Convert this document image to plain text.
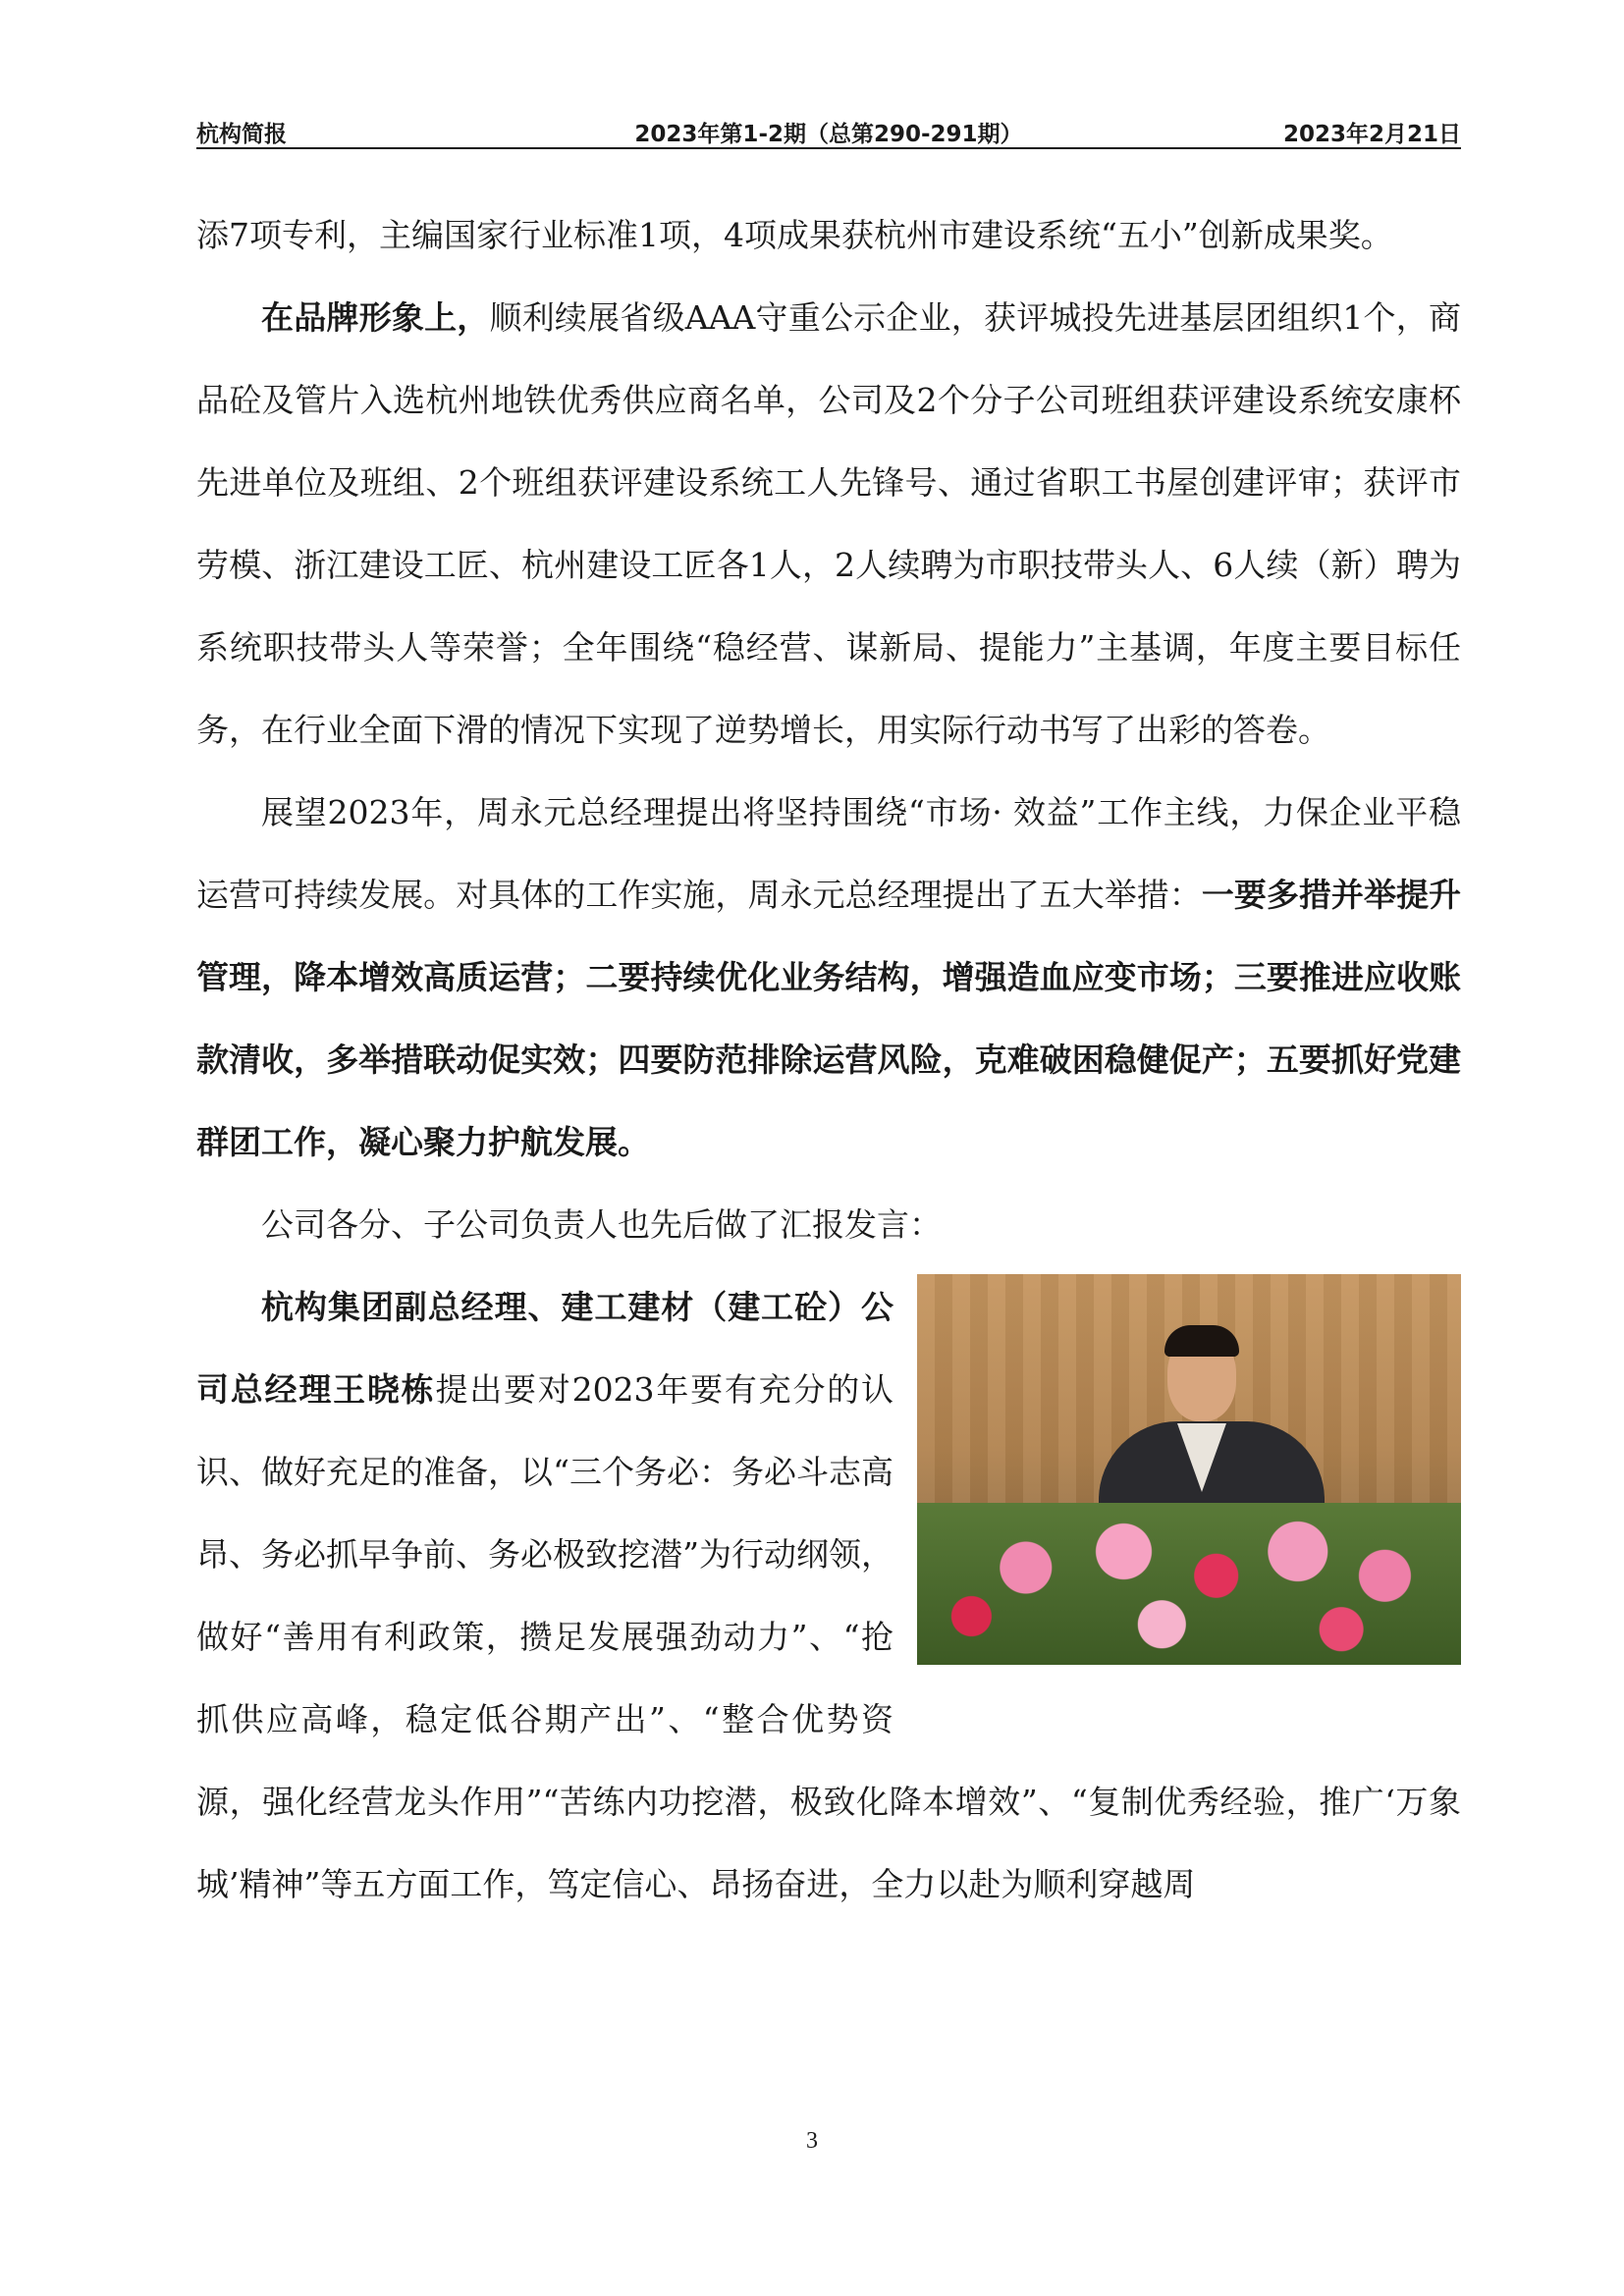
杭构简报	2023年第1-2期（总第290-291期）	2023年2月21日

添7项专利，主编国家行业标准1项，4项成果获杭州市建设系统“五小”创新成果奖。

在品牌形象上，顺利续展省级AAA守重公示企业，获评城投先进基层团组织1个，商品砼及管片入选杭州地铁优秀供应商名单，公司及2个分子公司班组获评建设系统安康杯先进单位及班组、2个班组获评建设系统工人先锋号、通过省职工书屋创建评审；获评市劳模、浙江建设工匠、杭州建设工匠各1人，2人续聘为市职技带头人、6人续（新）聘为系统职技带头人等荣誉；全年围绕“稳经营、谋新局、提能力”主基调，年度主要目标任务，在行业全面下滑的情况下实现了逆势增长，用实际行动书写了出彩的答卷。

展望2023年，周永元总经理提出将坚持围绕“市场· 效益”工作主线，力保企业平稳运营可持续发展。对具体的工作实施，周永元总经理提出了五大举措：一要多措并举提升管理，降本增效高质运营；二要持续优化业务结构，增强造血应变市场；三要推进应收账款清收，多举措联动促实效；四要防范排除运营风险，克难破困稳健促产；五要抓好党建群团工作，凝心聚力护航发展。

公司各分、子公司负责人也先后做了汇报发言：

杭构集团副总经理、建工建材（建工砼）公司总经理王晓栋提出要对2023年要有充分的认识、做好充足的准备，以“三个务必：务必斗志高昂、务必抓早争前、务必极致挖潜”为行动纲领，做好“善用有利政策，攒足发展强劲动力”、“抢抓供应高峰，稳定低谷期产出”、“整合优势资源，强化经营龙头作用”“苦练内功挖潜，极致化降本增效”、“复制优秀经验，推广‘万象城’精神”等五方面工作，笃定信心、昂扬奋进，全力以赴为顺利穿越周

3
